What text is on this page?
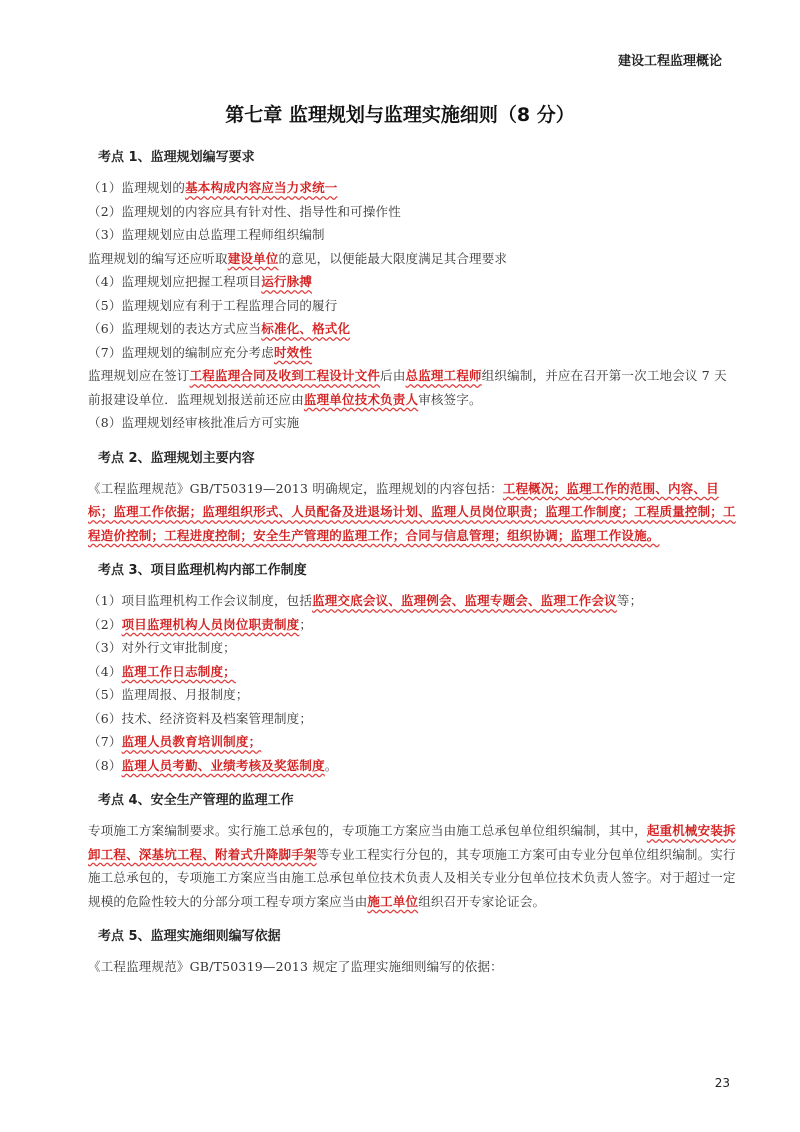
建设工程监理概论
第七章 监理规划与监理实施细则（8 分）
考点 1、监理规划编写要求

（1）监理规划的基本构成内容应当力求统一

（2）监理规划的内容应具有针对性、指导性和可操作性

（3）监理规划应由总监理工程师组织编制

监理规划的编写还应听取建设单位的意见，以便能最大限度满足其合理要求

（4）监理规划应把握工程项目运行脉搏

（5）监理规划应有利于工程监理合同的履行

（6）监理规划的表达方式应当标准化、格式化

（7）监理规划的编制应充分考虑时效性

监理规划应在签订工程监理合同及收到工程设计文件后由总监理工程师组织编制，并应在召开第一次工地会议 7 天前报建设单位．监理规划报送前还应由监理单位技术负责人审核签字。

（8）监理规划经审核批准后方可实施

考点 2、监理规划主要内容

《工程监理规范》GB/T50319—2013 明确规定，监理规划的内容包括：工程概况；监理工作的范围、内容、目标；监理工作依据；监理组织形式、人员配备及进退场计划、监理人员岗位职责；监理工作制度；工程质量控制；工程造价控制；工程进度控制；安全生产管理的监理工作；合同与信息管理；组织协调；监理工作设施。

考点 3、项目监理机构内部工作制度

（1）项目监理机构工作会议制度，包括监理交底会议、监理例会、监理专题会、监理工作会议等；

（2）项目监理机构人员岗位职责制度；

（3）对外行文审批制度；

（4）监理工作日志制度；

（5）监理周报、月报制度；

（6）技术、经济资料及档案管理制度；

（7）监理人员教育培训制度；

（8）监理人员考勤、业绩考核及奖惩制度。

考点 4、安全生产管理的监理工作

专项施工方案编制要求。实行施工总承包的，专项施工方案应当由施工总承包单位组织编制，其中，起重机械安装拆卸工程、深基坑工程、附着式升降脚手架等专业工程实行分包的，其专项施工方案可由专业分包单位组织编制。实行施工总承包的，专项施工方案应当由施工总承包单位技术负责人及相关专业分包单位技术负责人签字。对于超过一定规模的危险性较大的分部分项工程专项方案应当由施工单位组织召开专家论证会。

考点 5、监理实施细则编写依据

《工程监理规范》GB/T50319—2013 规定了监理实施细则编写的依据：

23
